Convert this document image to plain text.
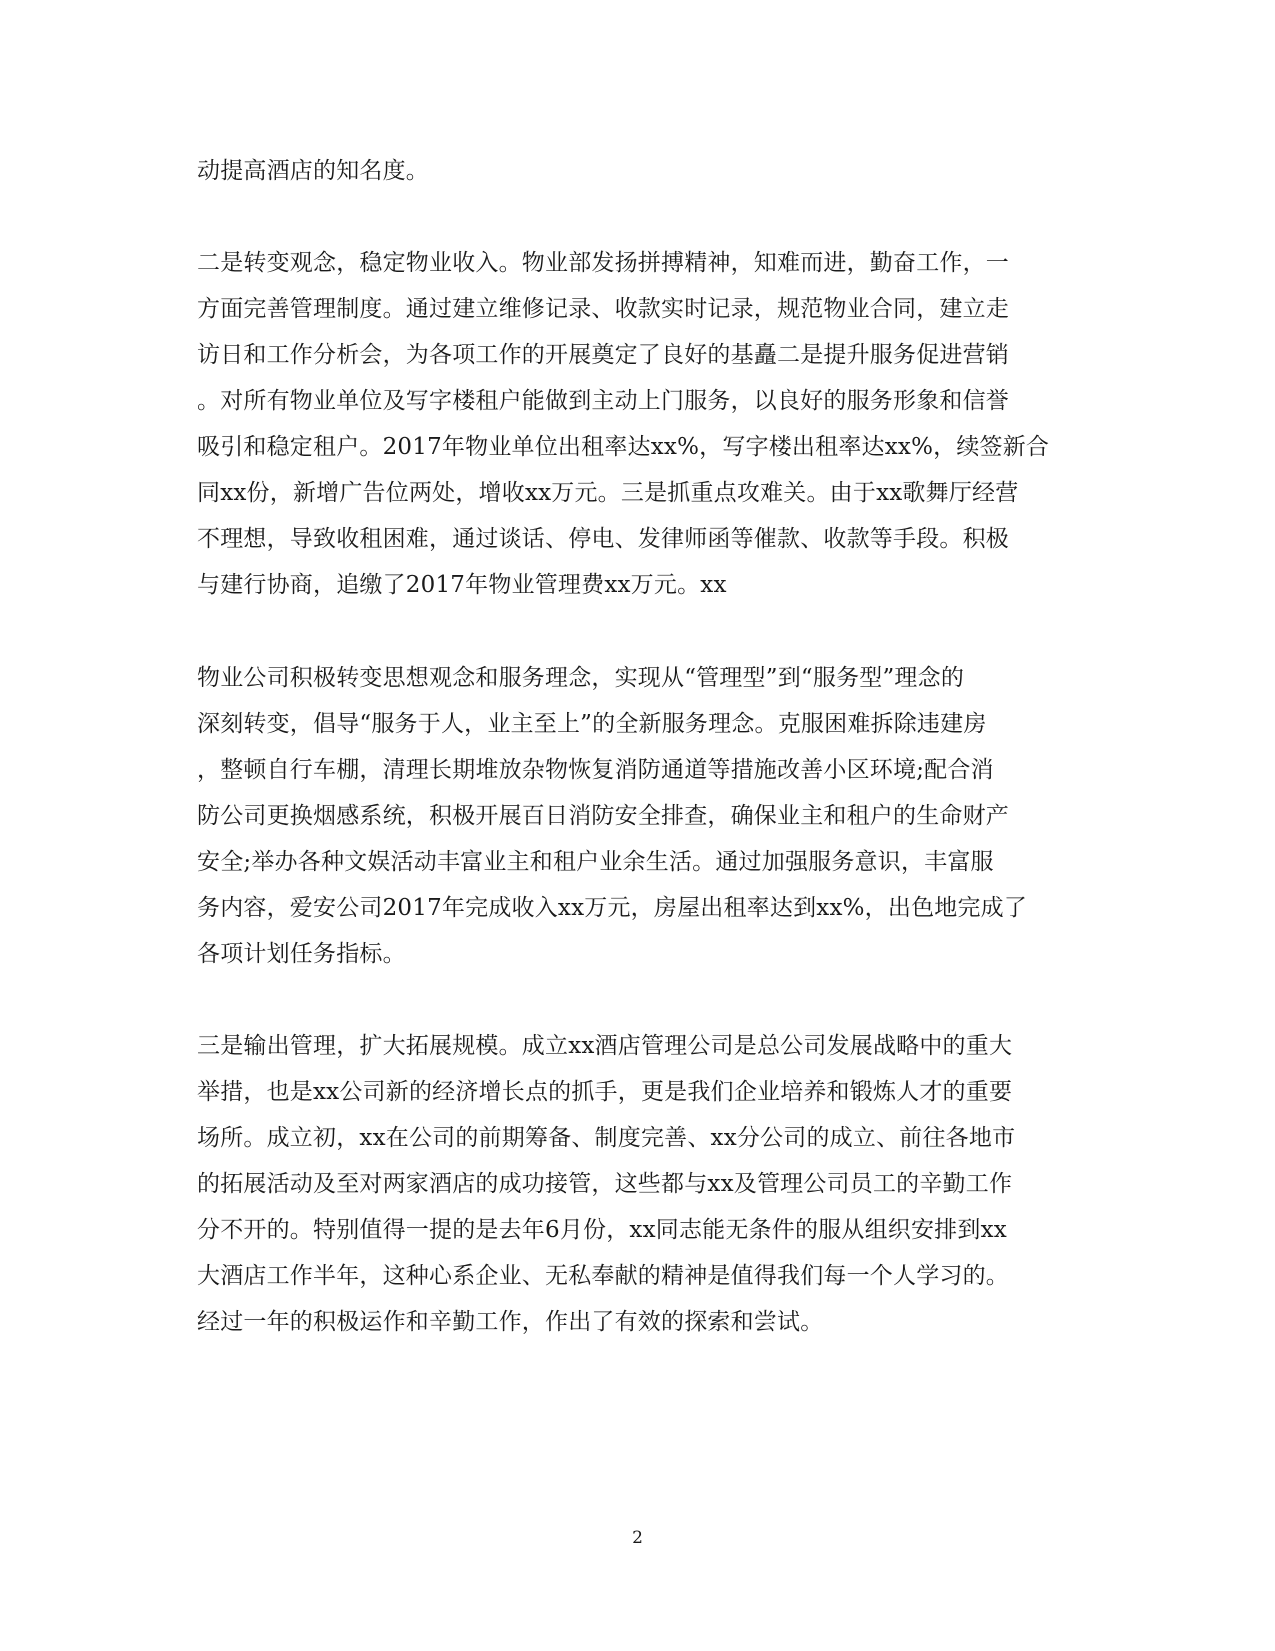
动提高酒店的知名度。
二是转变观念，稳定物业收入。物业部发扬拼搏精神，知难而进，勤奋工作，一
方面完善管理制度。通过建立维修记录、收款实时记录，规范物业合同，建立走
访日和工作分析会，为各项工作的开展奠定了良好的基矗二是提升服务促进营销
。对所有物业单位及写字楼租户能做到主动上门服务，以良好的服务形象和信誉
吸引和稳定租户。2017年物业单位出租率达xx%，写字楼出租率达xx%，续签新合
同xx份，新增广告位两处，增收xx万元。三是抓重点攻难关。由于xx歌舞厅经营
不理想，导致收租困难，通过谈话、停电、发律师函等催款、收款等手段。积极
与建行协商，追缴了2017年物业管理费xx万元。xx
物业公司积极转变思想观念和服务理念，实现从“管理型”到“服务型”理念的
深刻转变，倡导“服务于人，业主至上”的全新服务理念。克服困难拆除违建房
，整顿自行车棚，清理长期堆放杂物恢复消防通道等措施改善小区环境;配合消
防公司更换烟感系统，积极开展百日消防安全排查，确保业主和租户的生命财产
安全;举办各种文娱活动丰富业主和租户业余生活。通过加强服务意识，丰富服
务内容，爱安公司2017年完成收入xx万元，房屋出租率达到xx%，出色地完成了
各项计划任务指标。
三是输出管理，扩大拓展规模。成立xx酒店管理公司是总公司发展战略中的重大
举措，也是xx公司新的经济增长点的抓手，更是我们企业培养和锻炼人才的重要
场所。成立初，xx在公司的前期筹备、制度完善、xx分公司的成立、前往各地市
的拓展活动及至对两家酒店的成功接管，这些都与xx及管理公司员工的辛勤工作
分不开的。特别值得一提的是去年6月份，xx同志能无条件的服从组织安排到xx
大酒店工作半年，这种心系企业、无私奉献的精神是值得我们每一个人学习的。
经过一年的积极运作和辛勤工作，作出了有效的探索和尝试。
2
